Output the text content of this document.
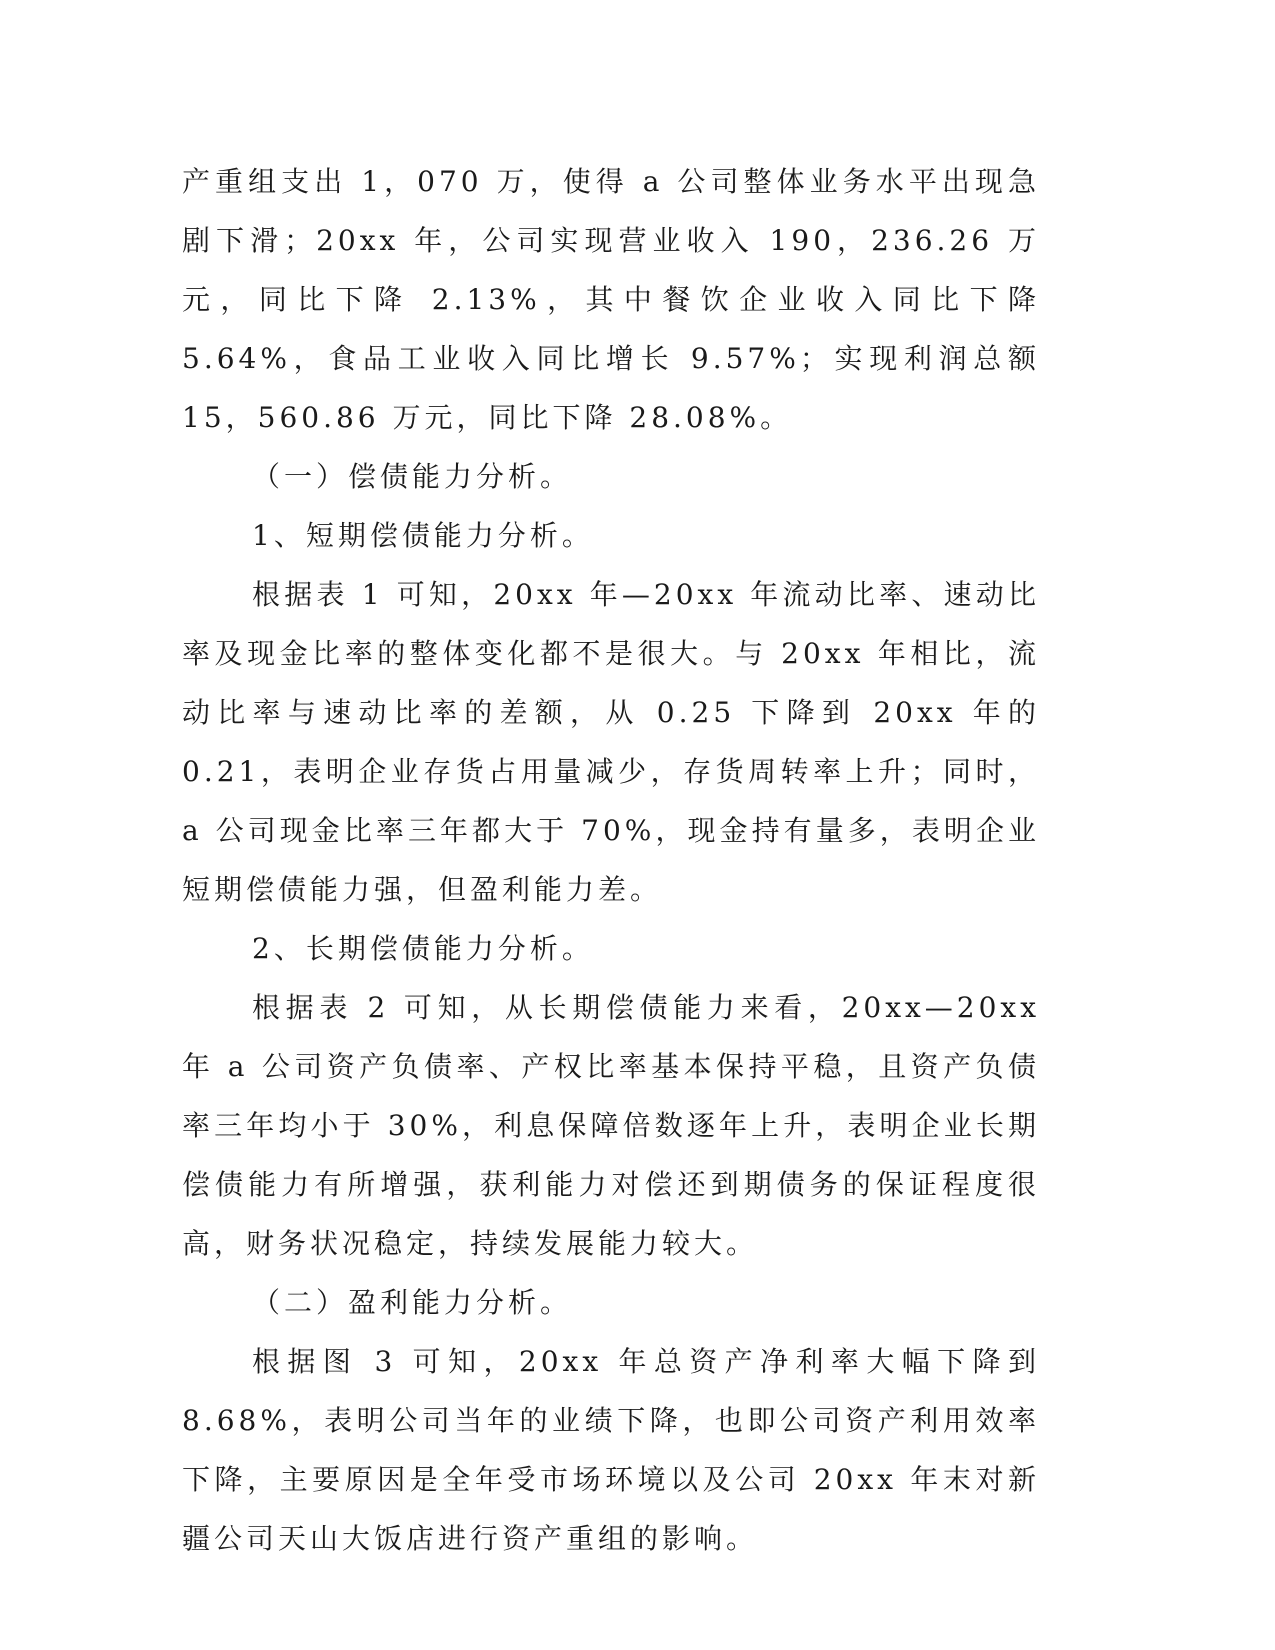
产重组支出 1，070 万，使得 a 公司整体业务水平出现急剧下滑；20xx 年，公司实现营业收入 190，236.26 万元，同比下降 2.13%，其中餐饮企业收入同比下降 5.64%，食品工业收入同比增长 9.57%；实现利润总额 15，560.86 万元，同比下降 28.08%。

（一）偿债能力分析。

1、短期偿债能力分析。

根据表 1 可知，20xx 年—20xx 年流动比率、速动比率及现金比率的整体变化都不是很大。与 20xx 年相比，流动比率与速动比率的差额，从 0.25 下降到 20xx 年的 0.21，表明企业存货占用量减少，存货周转率上升；同时，a 公司现金比率三年都大于 70%，现金持有量多，表明企业短期偿债能力强，但盈利能力差。

2、长期偿债能力分析。

根据表 2 可知，从长期偿债能力来看，20xx—20xx 年 a 公司资产负债率、产权比率基本保持平稳，且资产负债率三年均小于 30%，利息保障倍数逐年上升，表明企业长期偿债能力有所增强，获利能力对偿还到期债务的保证程度很高，财务状况稳定，持续发展能力较大。

（二）盈利能力分析。

根据图 3 可知，20xx 年总资产净利率大幅下降到 8.68%，表明公司当年的业绩下降，也即公司资产利用效率下降，主要原因是全年受市场环境以及公司 20xx 年末对新疆公司天山大饭店进行资产重组的影响。
